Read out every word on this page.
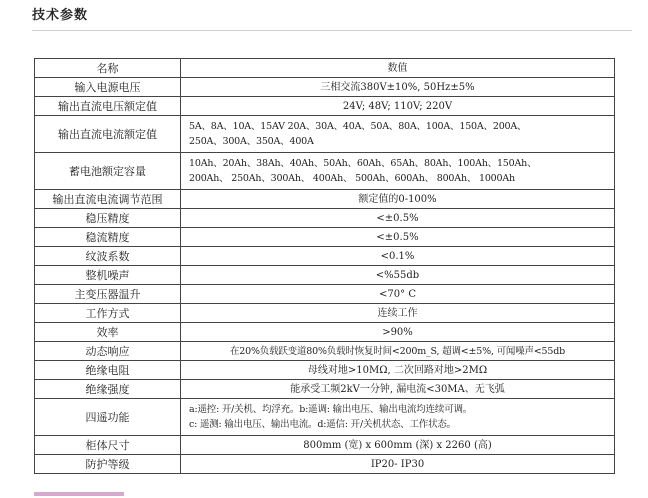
技术参数
名称	数值
输入电源电压	三相交流380V±10%, 50Hz±5%

输出直流电压额定值	24V; 48V; 110V; 220V

输出直流电流额定值	5A、8A、10A、15AV 20A、30A、40A、50A、80A、100A、150A、200A、
250A、300A、350A、400A

蓄电池额定容量	10Ah、20Ah、38Ah、40Ah、50Ah、60Ah、65Ah、80Ah、100Ah、150Ah、
200Ah、 250Ah、300Ah、 400Ah、 500Ah、600Ah、 800Ah、 1000Ah

输出直流电流调节范围	额定值的0-100%

稳压精度	<±0.5%

稳流精度	<±0.5%

纹波系数	<0.1%

整机噪声	<%55db

主变压器温升	<70° C

工作方式	连续工作

效率	>90%

动态响应	在20%负载跃变道80%负载时恢复时间<200m_S, 超调<±5%, 可闻噪声<55db

绝缘电阻	母线对地>10MΩ, 二次回路对地>2MΩ

绝缘强度	能承受工频2kV一分钟, 漏电流<30MA、无飞弧

四遥功能	a:遥控: 开/关机、均浮充。b:遥调: 输出电压、输出电流均连续可调。
c: 遥测: 输出电压、输出电流。d:遥信: 开/关机状态、工作状态。

柜体尺寸	800mm (宽) x 600mm (深) x 2260 (高)

防护等级	IP20- IP30
